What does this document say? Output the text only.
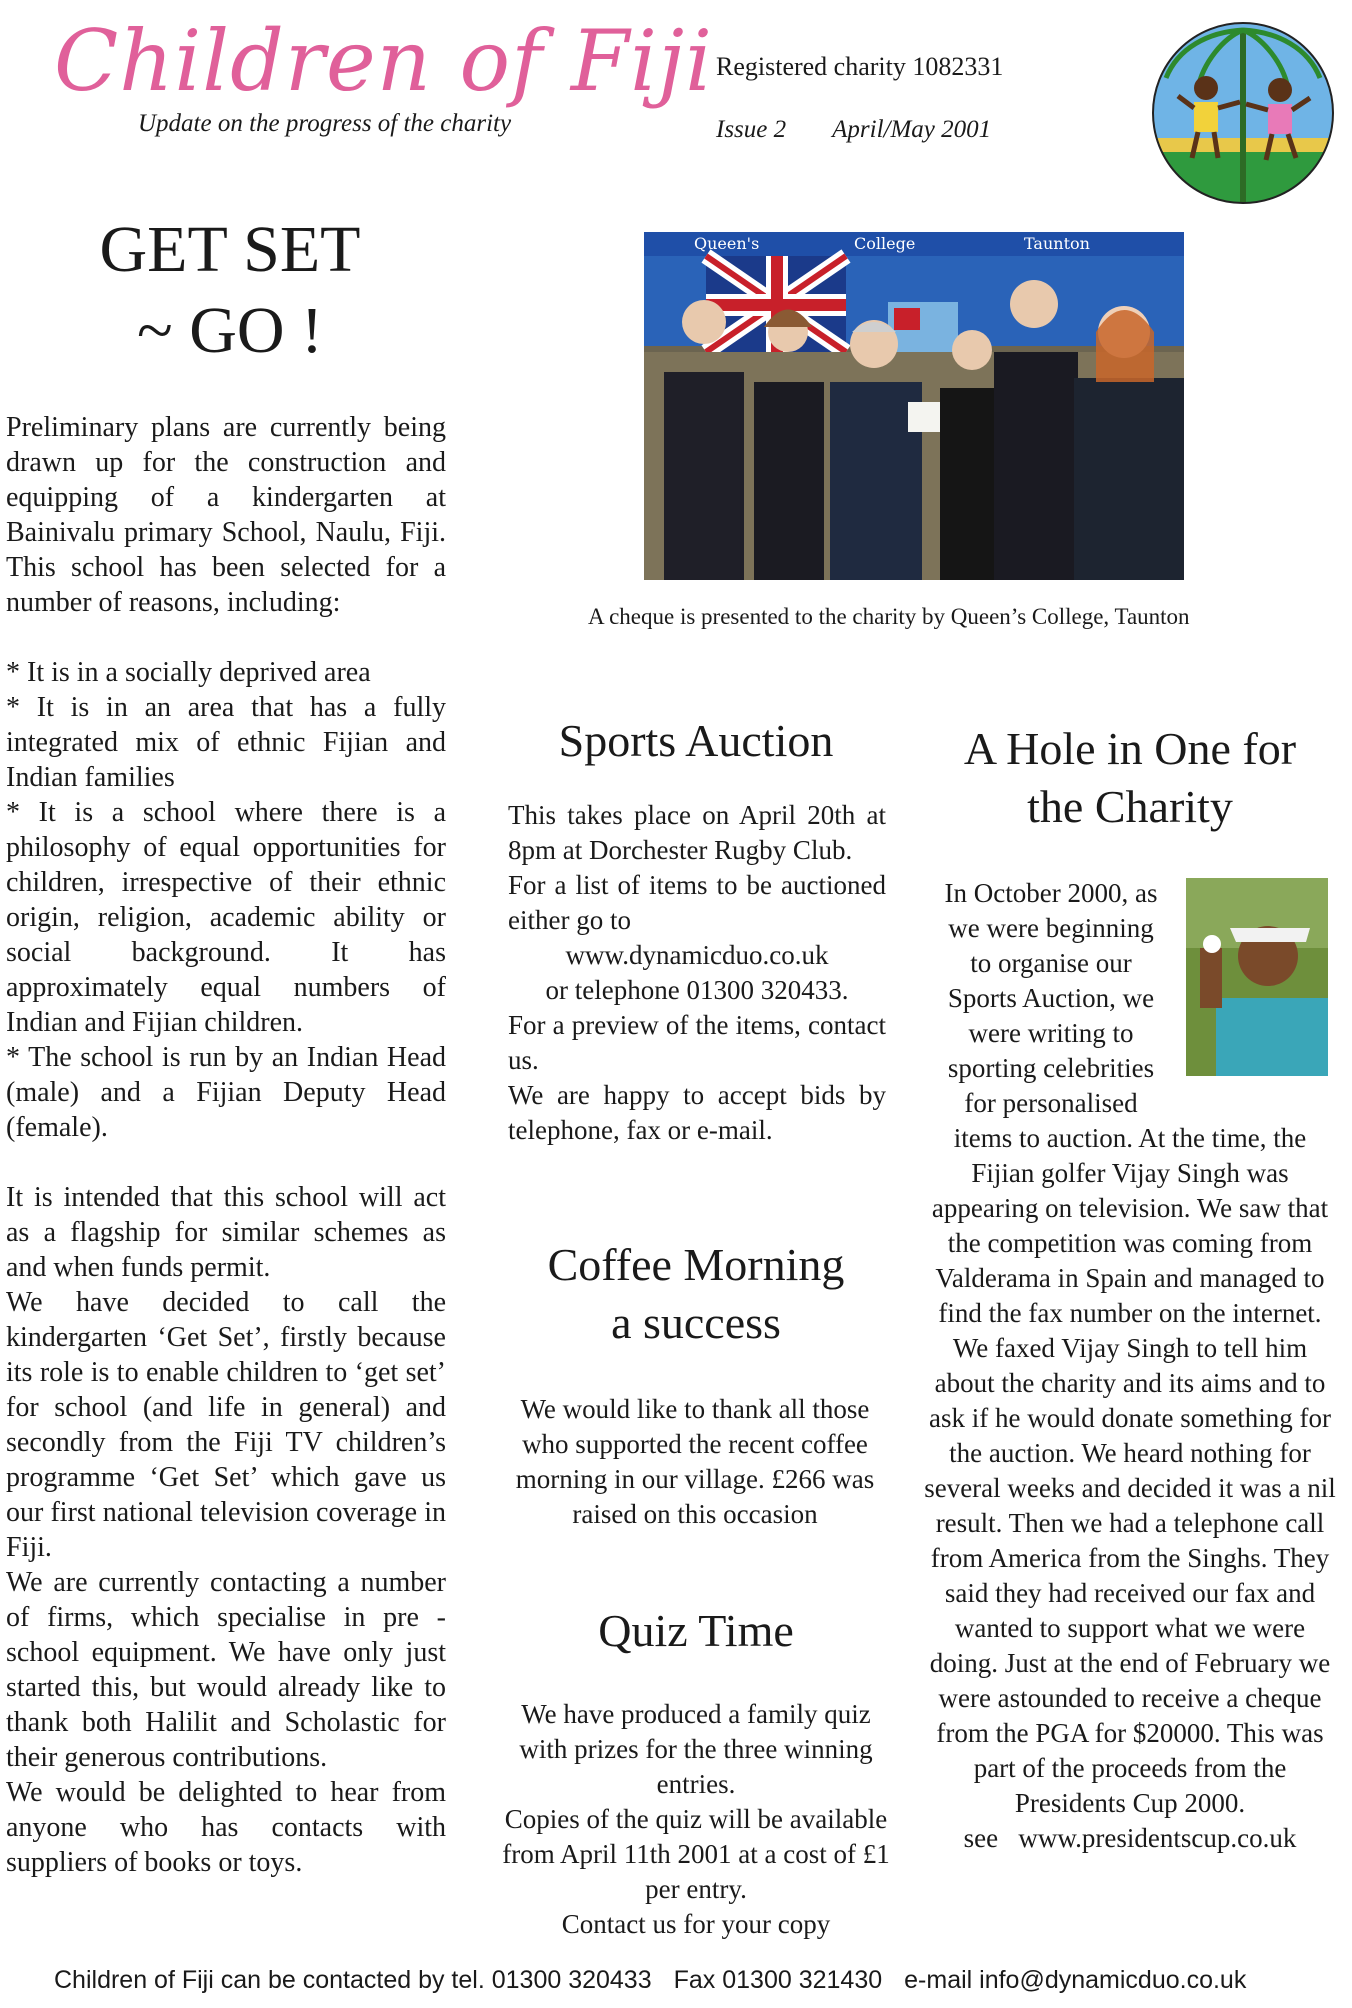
Children of Fiji
Update on the progress of the charity
Registered charity 1082331
Issue 2 April/May 2001
GET SET
~ GO !

Preliminary plans are currently being drawn up for the construction and equipping of a kindergarten at Bainivalu primary School, Naulu, Fiji. This school has been selected for a number of reasons, including:

* It is in a socially deprived area

* It is in an area that has a fully integrated mix of ethnic Fijian and Indian families

* It is a school where there is a philosophy of equal opportunities for children, irrespective of their ethnic origin, religion, academic ability or social background. It has approximately equal numbers of Indian and Fijian children.

* The school is run by an Indian Head (male) and a Fijian Deputy Head (female).

It is intended that this school will act as a flagship for similar schemes as and when funds permit.

We have decided to call the kindergarten ‘Get Set’, firstly because its role is to enable children to ‘get set’ for school (and life in general) and secondly from the Fiji TV children’s programme ‘Get Set’ which gave us our first national television coverage in Fiji.

We are currently contacting a number of firms, which specialise in pre -school equipment. We have only just started this, but would already like to thank both Halilit and Scholastic for their generous contributions.

We would be delighted to hear from anyone who has contacts with suppliers of books or toys.

Queen's	College	Taunton
A cheque is presented to the charity by Queen’s College, Taunton
Sports Auction

This takes place on April 20th at 8pm at Dorchester Rugby Club.

For a list of items to be auctioned either go to

www.dynamicduo.co.uk

or telephone 01300 320433.

For a preview of the items, contact us.

We are happy to accept bids by telephone, fax or e-mail.

Coffee Morning
a success
We would like to thank all those who supported the recent coffee morning in our village. £266 was raised on this occasion
Quiz Time
We have produced a family quiz with prizes for the three winning entries.
Copies of the quiz will be available from April 11th 2001 at a cost of £1 per entry.
Contact us for your copy
A Hole in One for
the Charity
In October 2000, as
we were beginning
to organise our
Sports Auction, we
were writing to
sporting celebrities
for personalised
items to auction. At the time, the Fijian golfer Vijay Singh was appearing on television. We saw that the competition was coming from Valderama in Spain and managed to find the fax number on the internet. We faxed Vijay Singh to tell him about the charity and its aims and to ask if he would donate something for the auction. We heard nothing for several weeks and decided it was a nil result. Then we had a telephone call from America from the Singhs. They said they had received our fax and wanted to support what we were doing. Just at the end of February we were astounded to receive a cheque from the PGA for $20000. This was part of the proceeds from the Presidents Cup 2000.
see www.presidentscup.co.uk
Children of Fiji can be contacted by tel. 01300 320433 Fax 01300 321430 e-mail info@dynamicduo.co.uk
